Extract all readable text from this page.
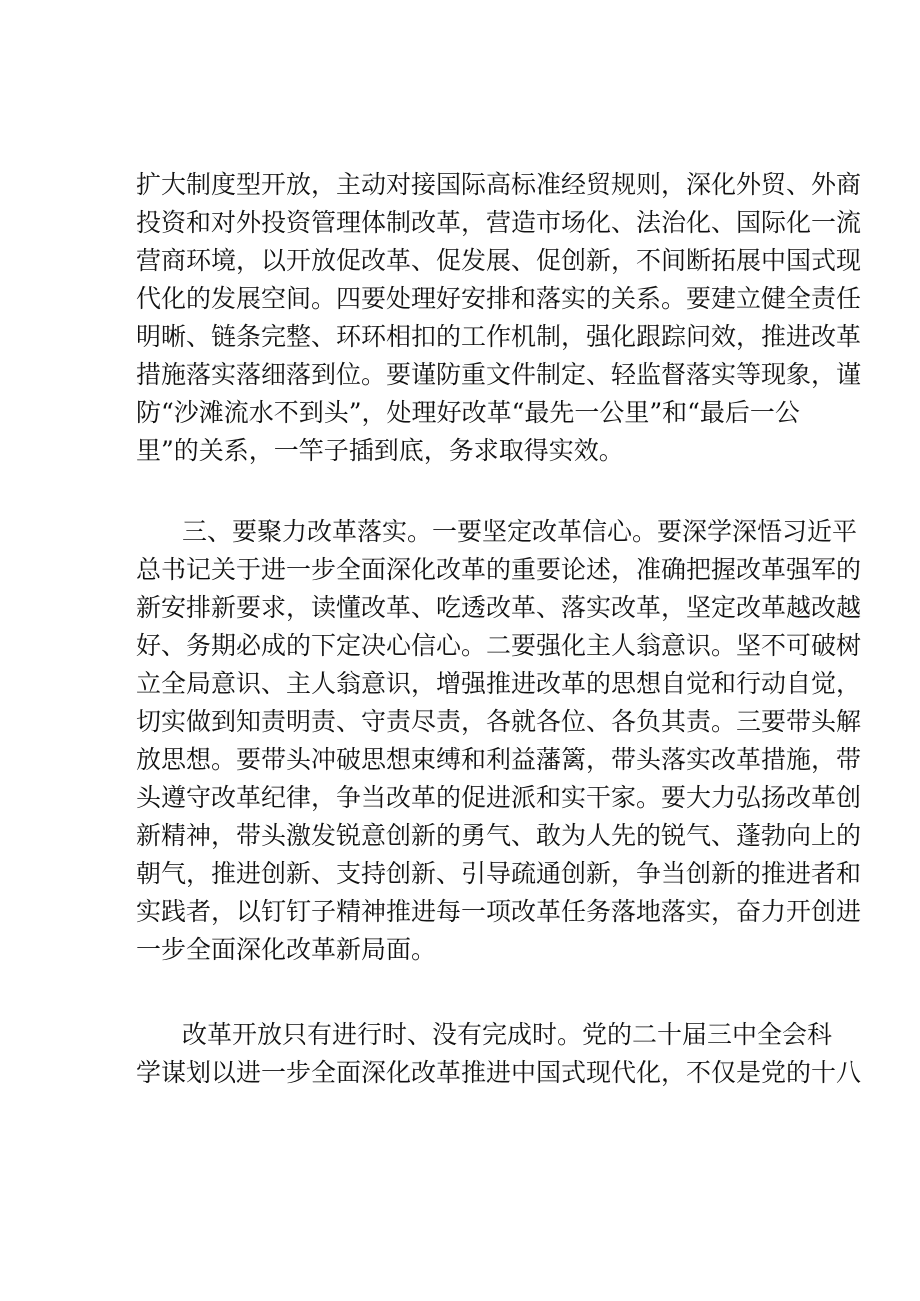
扩大制度型开放，主动对接国际高标准经贸规则，深化外贸、外商
投资和对外投资管理体制改革，营造市场化、法治化、国际化一流
营商环境，以开放促改革、促发展、促创新，不间断拓展中国式现
代化的发展空间。四要处理好安排和落实的关系。要建立健全责任
明晰、链条完整、环环相扣的工作机制，强化跟踪问效，推进改革
措施落实落细落到位。要谨防重文件制定、轻监督落实等现象，谨
防“沙滩流水不到头”，处理好改革“最先一公里”和“最后一公
里”的关系，一竿子插到底，务求取得实效。
三、要聚力改革落实。一要坚定改革信心。要深学深悟习近平
总书记关于进一步全面深化改革的重要论述，准确把握改革强军的
新安排新要求，读懂改革、吃透改革、落实改革，坚定改革越改越
好、务期必成的下定决心信心。二要强化主人翁意识。坚不可破树
立全局意识、主人翁意识，增强推进改革的思想自觉和行动自觉，
切实做到知责明责、守责尽责，各就各位、各负其责。三要带头解
放思想。要带头冲破思想束缚和利益藩篱，带头落实改革措施，带
头遵守改革纪律，争当改革的促进派和实干家。要大力弘扬改革创
新精神，带头激发锐意创新的勇气、敢为人先的锐气、蓬勃向上的
朝气，推进创新、支持创新、引导疏通创新，争当创新的推进者和
实践者，以钉钉子精神推进每一项改革任务落地落实，奋力开创进
一步全面深化改革新局面。
改革开放只有进行时、没有完成时。党的二十届三中全会科
学谋划以进一步全面深化改革推进中国式现代化，不仅是党的十八
